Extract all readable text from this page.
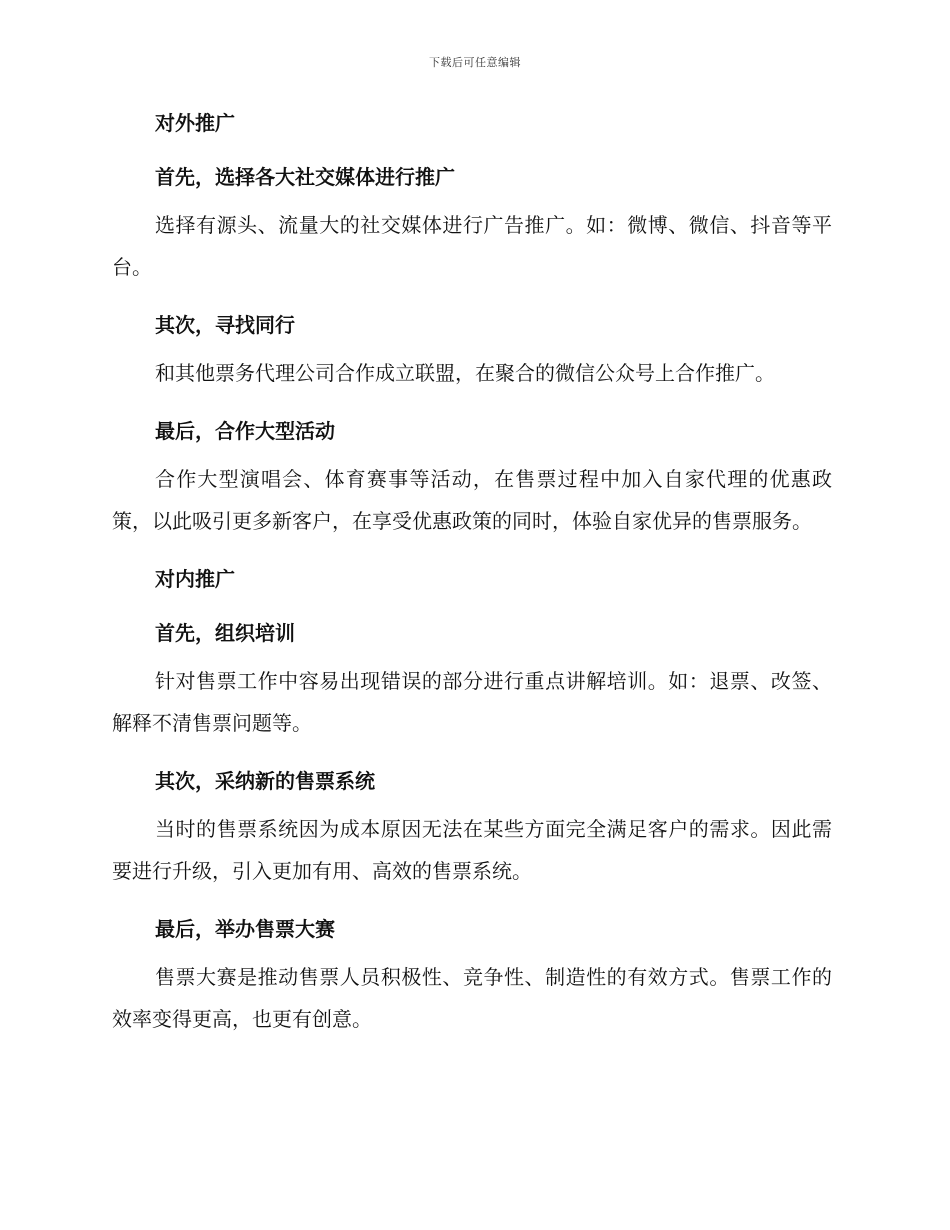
下载后可任意编辑

对外推广

首先，选择各大社交媒体进行推广

选择有源头、流量大的社交媒体进行广告推广。如：微博、微信、抖音等平台。

其次，寻找同行

和其他票务代理公司合作成立联盟，在聚合的微信公众号上合作推广。

最后，合作大型活动

合作大型演唱会、体育赛事等活动，在售票过程中加入自家代理的优惠政策，以此吸引更多新客户，在享受优惠政策的同时，体验自家优异的售票服务。

对内推广

首先，组织培训

针对售票工作中容易出现错误的部分进行重点讲解培训。如：退票、改签、解释不清售票问题等。

其次，采纳新的售票系统

当时的售票系统因为成本原因无法在某些方面完全满足客户的需求。因此需要进行升级，引入更加有用、高效的售票系统。

最后，举办售票大赛

售票大赛是推动售票人员积极性、竞争性、制造性的有效方式。售票工作的效率变得更高，也更有创意。
